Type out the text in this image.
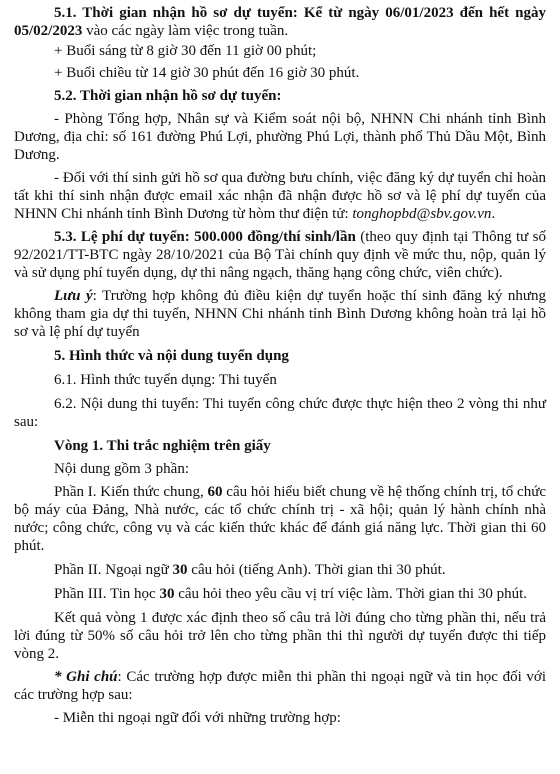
5.1. Thời gian nhận hồ sơ dự tuyển: Kể từ ngày 06/01/2023 đến hết ngày 05/02/2023 vào các ngày làm việc trong tuần.

+ Buổi sáng từ 8 giờ 30 đến 11 giờ 00 phút;

+ Buổi chiều từ 14 giờ 30 phút đến 16 giờ 30 phút.

5.2. Thời gian nhận hồ sơ dự tuyển:

- Phòng Tổng hợp, Nhân sự và Kiểm soát nội bộ, NHNN Chi nhánh tỉnh Bình Dương, địa chỉ: số 161 đường Phú Lợi, phường Phú Lợi, thành phố Thủ Dầu Một, Bình Dương.

- Đối với thí sinh gửi hồ sơ qua đường bưu chính, việc đăng ký dự tuyển chỉ hoàn tất khi thí sinh nhận được email xác nhận đã nhận được hồ sơ và lệ phí dự tuyển của NHNN Chi nhánh tỉnh Bình Dương từ hòm thư điện tử: tonghopbd@sbv.gov.vn.

5.3. Lệ phí dự tuyển: 500.000 đồng/thí sinh/lần (theo quy định tại Thông tư số 92/2021/TT-BTC ngày 28/10/2021 của Bộ Tài chính quy định về mức thu, nộp, quản lý và sử dụng phí tuyển dụng, dự thi nâng ngạch, thăng hạng công chức, viên chức).

Lưu ý: Trường hợp không đủ điều kiện dự tuyển hoặc thí sinh đăng ký nhưng không tham gia dự thi tuyển, NHNN Chi nhánh tỉnh Bình Dương không hoàn trả lại hồ sơ và lệ phí dự tuyển

5. Hình thức và nội dung tuyển dụng

6.1. Hình thức tuyển dụng: Thi tuyển

6.2. Nội dung thi tuyển: Thi tuyển công chức được thực hiện theo 2 vòng thi như sau:

Vòng 1. Thi trắc nghiệm trên giấy

Nội dung gồm 3 phần:

Phần I. Kiến thức chung, 60 câu hỏi hiểu biết chung về hệ thống chính trị, tổ chức bộ máy của Đảng, Nhà nước, các tổ chức chính trị - xã hội; quản lý hành chính nhà nước; công chức, công vụ và các kiến thức khác để đánh giá năng lực. Thời gian thi 60 phút.

Phần II. Ngoại ngữ 30 câu hỏi (tiếng Anh). Thời gian thi 30 phút.

Phần III. Tin học 30 câu hỏi theo yêu cầu vị trí việc làm. Thời gian thi 30 phút.

Kết quả vòng 1 được xác định theo số câu trả lời đúng cho từng phần thi, nếu trả lời đúng từ 50% số câu hỏi trở lên cho từng phần thi thì người dự tuyển được thi tiếp vòng 2.

* Ghi chú: Các trường hợp được miễn thi phần thi ngoại ngữ và tin học đối với các trường hợp sau:

- Miễn thi ngoại ngữ đối với những trường hợp:
